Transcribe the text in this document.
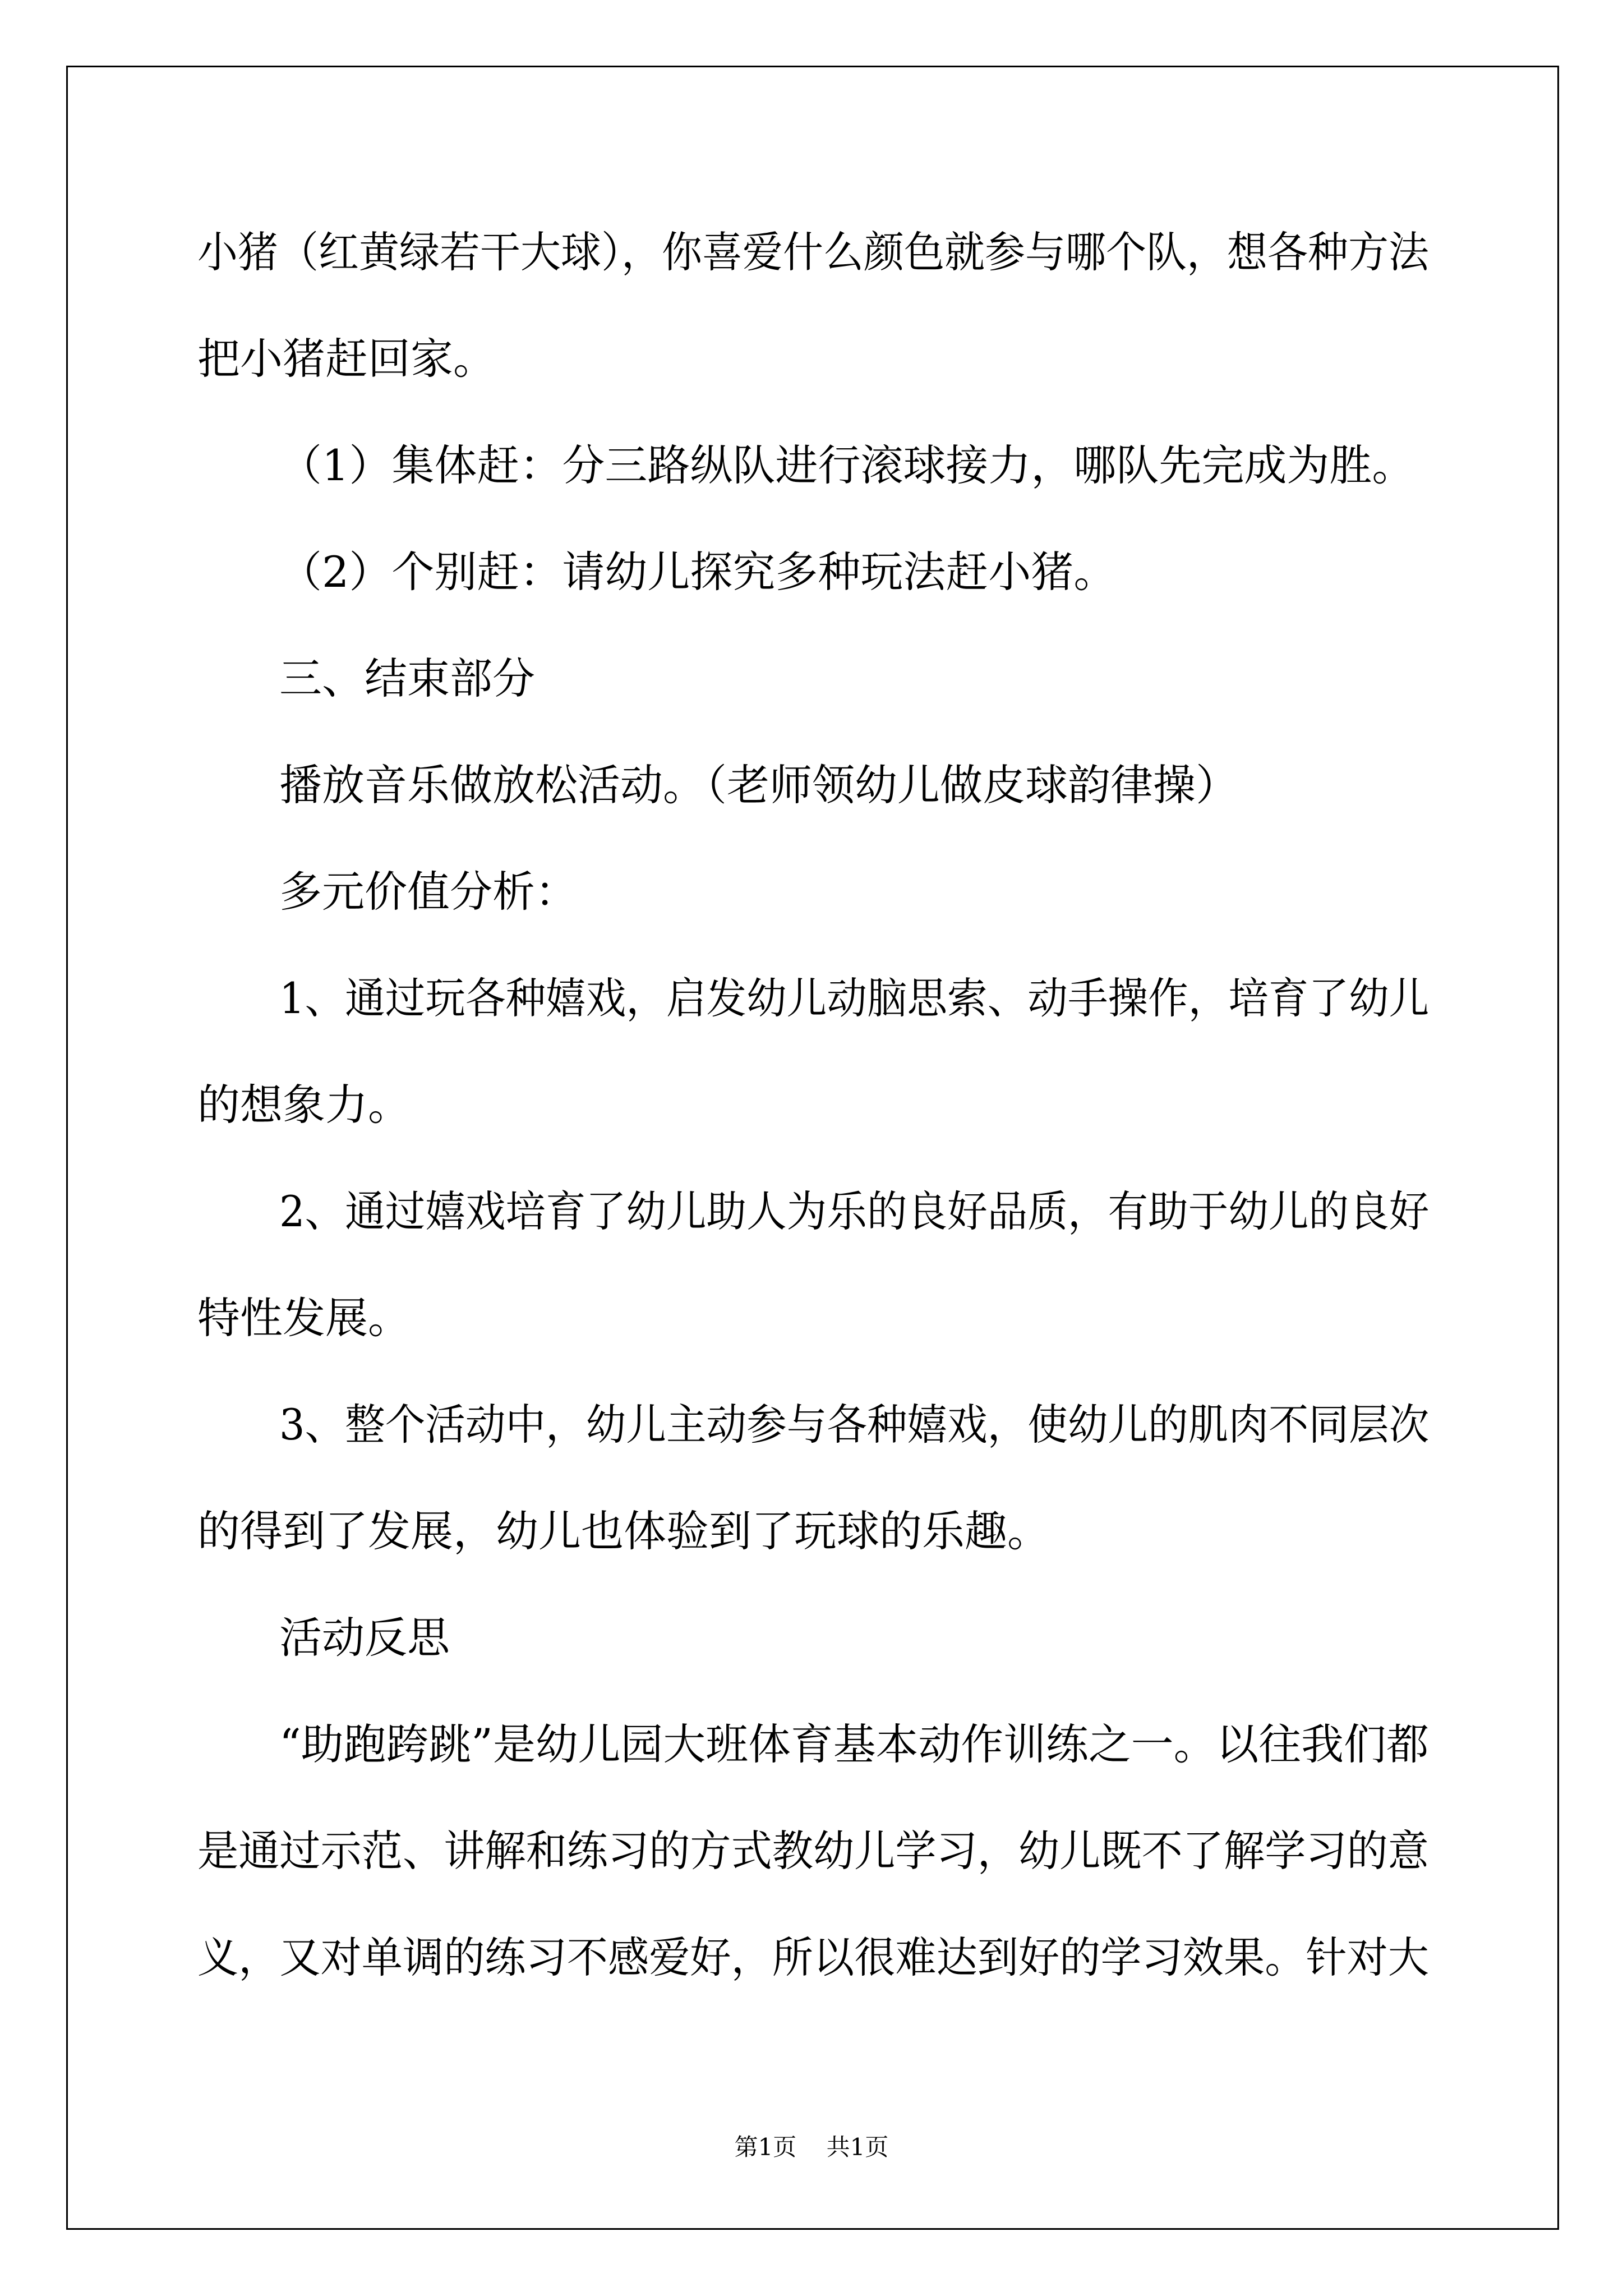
小猪（红黄绿若干大球），你喜爱什么颜色就参与哪个队，想各种方法
把小猪赶回家。
（1）集体赶：分三路纵队进行滚球接力，哪队先完成为胜。
（2）个别赶：请幼儿探究多种玩法赶小猪。
三、结束部分
播放音乐做放松活动。（老师领幼儿做皮球韵律操）
多元价值分析：
1、通过玩各种嬉戏，启发幼儿动脑思索、动手操作，培育了幼儿
的想象力。
2、通过嬉戏培育了幼儿助人为乐的良好品质，有助于幼儿的良好
特性发展。
3、整个活动中，幼儿主动参与各种嬉戏，使幼儿的肌肉不同层次
的得到了发展，幼儿也体验到了玩球的乐趣。
活动反思
“助跑跨跳”是幼儿园大班体育基本动作训练之一。以往我们都
是通过示范、讲解和练习的方式教幼儿学习，幼儿既不了解学习的意
义，又对单调的练习不感爱好，所以很难达到好的学习效果。针对大
第1页    共1页
